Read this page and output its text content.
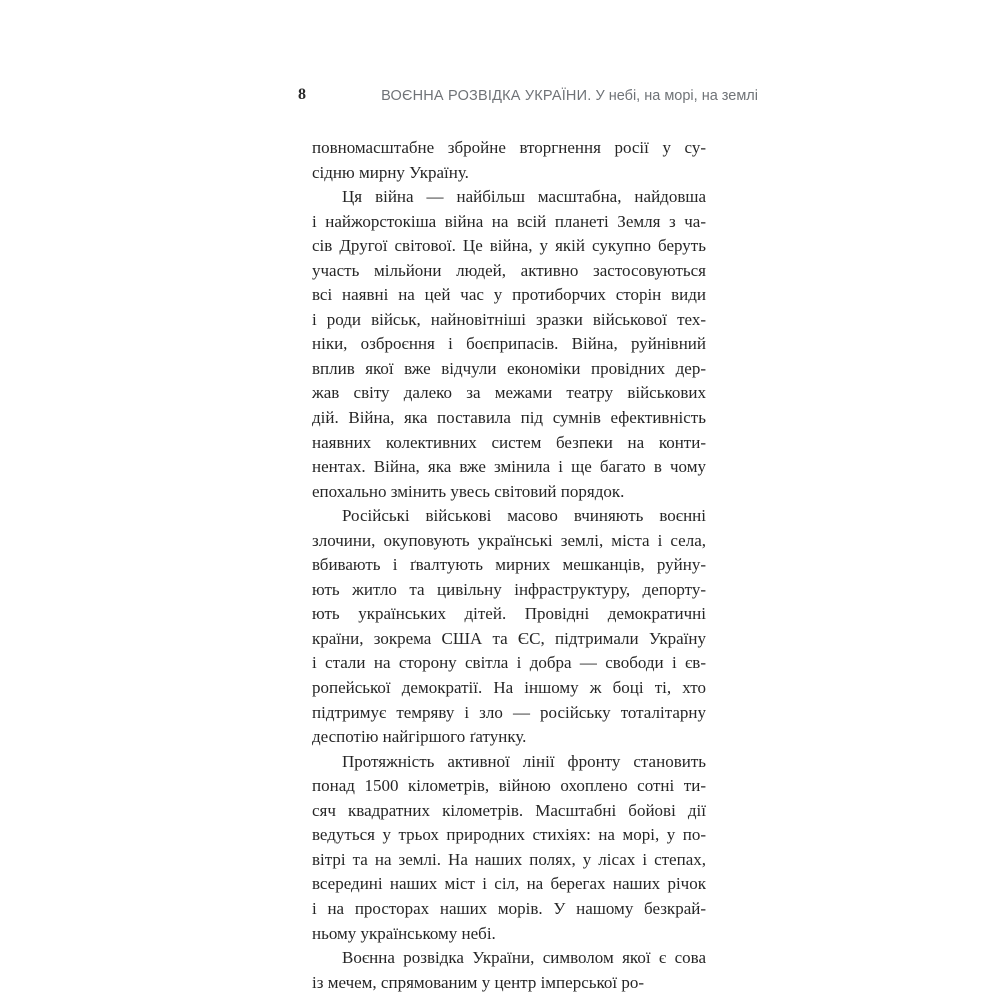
8	ВОЄННА РОЗВІДКА УКРАЇНИ. У небі, на морі, на землі

повномасштабне збройне вторгнення росії у су-
сідню мирну Україну.

Ця війна — найбільш масштабна, найдовша
і найжорстокіша війна на всій планеті Земля з ча-
сів Другої світової. Це війна, у якій сукупно беруть
участь мільйони людей, активно застосовуються
всі наявні на цей час у протиборчих сторін види
і роди військ, найновітніші зразки військової тех-
ніки, озброєння і боєприпасів. Війна, руйнівний
вплив якої вже відчули економіки провідних дер-
жав світу далеко за межами театру військових
дій. Війна, яка поставила під сумнів ефективність
наявних колективних систем безпеки на конти-
нентах. Війна, яка вже змінила і ще багато в чому
епохально змінить увесь світовий порядок.

Російські військові масово вчиняють воєнні
злочини, окуповують українські землі, міста і села,
вбивають і ґвалтують мирних мешканців, руйну-
ють житло та цивільну інфраструктуру, депорту-
ють українських дітей. Провідні демократичні
країни, зокрема США та ЄС, підтримали Україну
і стали на сторону світла і добра — свободи і єв-
ропейської демократії. На іншому ж боці ті, хто
підтримує темряву і зло — російську тоталітарну
деспотію найгіршого ґатунку.

Протяжність активної лінії фронту становить
понад 1500 кілометрів, війною охоплено сотні ти-
сяч квадратних кілометрів. Масштабні бойові дії
ведуться у трьох природних стихіях: на морі, у по-
вітрі та на землі. На наших полях, у лісах і степах,
всередині наших міст і сіл, на берегах наших річок
і на просторах наших морів. У нашому безкрай-
ньому українському небі.

Воєнна розвідка України, символом якої є сова
із мечем, спрямованим у центр імперської ро-
